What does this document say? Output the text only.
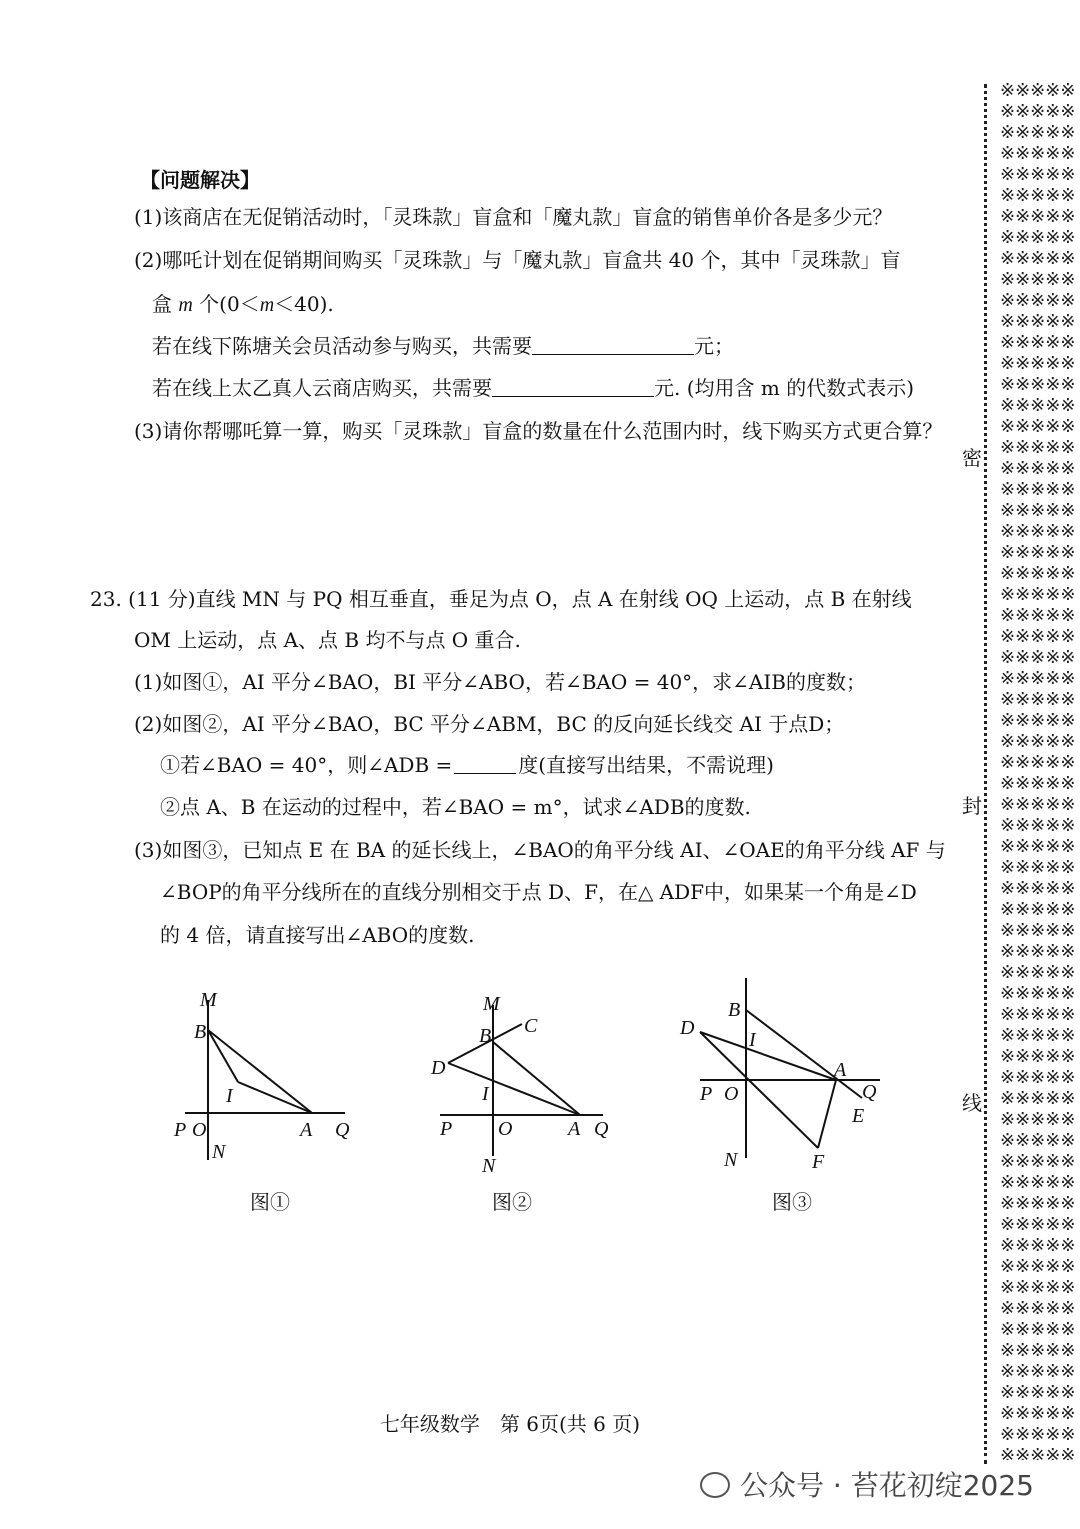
【问题解决】
(1)该商店在无促销活动时，「灵珠款」盲盒和「魔丸款」盲盒的销售单价各是多少元？
(2)哪吒计划在促销期间购买「灵珠款」与「魔丸款」盲盒共 40 个，其中「灵珠款」盲
盒 m 个(0＜m＜40).
若在线下陈塘关会员活动参与购买，共需要	元；
若在线上太乙真人云商店购买，共需要	元. (均用含 m 的代数式表示)
(3)请你帮哪吒算一算，购买「灵珠款」盲盒的数量在什么范围内时，线下购买方式更合算？
23. (11 分)直线 MN 与 PQ 相互垂直，垂足为点 O，点 A 在射线 OQ 上运动，点 B 在射线
OM 上运动，点 A、点 B 均不与点 O 重合.
(1)如图①，AI 平分∠BAO，BI 平分∠ABO，若∠BAO = 40°，求∠AIB的度数；
(2)如图②，AI 平分∠BAO，BC 平分∠ABM，BC 的反向延长线交 AI 于点D；
①若∠BAO = 40°，则∠ADB =	度(直接写出结果，不需说理)
②点 A、B 在运动的过程中，若∠BAO = m°，试求∠ADB的度数.
(3)如图③，已知点 E 在 BA 的延长线上，∠BAO的角平分线 AI、∠OAE的角平分线 AF 与
∠BOP的角平分线所在的直线分别相交于点 D、F，在△ ADF中，如果某一个角是∠D
的 4 倍，请直接写出∠ABO的度数.
M
B
I
P O	A Q
N
M
B C
D
I
P O	A Q
N
B
D
I
A
P O	Q
E
N	F
图①	图②	图③
※※※※※※※※※※※※※※※※※※※※※※※※※※※※※※※※※※※※※※※※※※※※※※※※※※※※※※※※※※※※※※※※※※※※※※※※※※※※※※※※※※※※※※※※※※※※※※※※※※※※※※※※※※※※※※※※※※※※※※※※※※※※※※※※※※※※※※※※※※※※※※※※※※※※※※※※※※※※※※※※※※※※※※※※※※※※※※※※※※※※※※※※※※※※※※※※※※※※※※※※※※※※※※※※※※※※※※※※※※※※※※※※※※※※※※※※※※※※※※※※※※※※※※※※※※※※※※※※※※※※※※※※※※※※※※※※※※※※※※※※※※※※※※※※※※※※※※※※※※※※※※※※※※※※※※※※※※※※※※※※※※※※※※※※※※
密
封
线
七年级数学　第 6页(共 6 页)
公众号 · 苔花初绽2025
